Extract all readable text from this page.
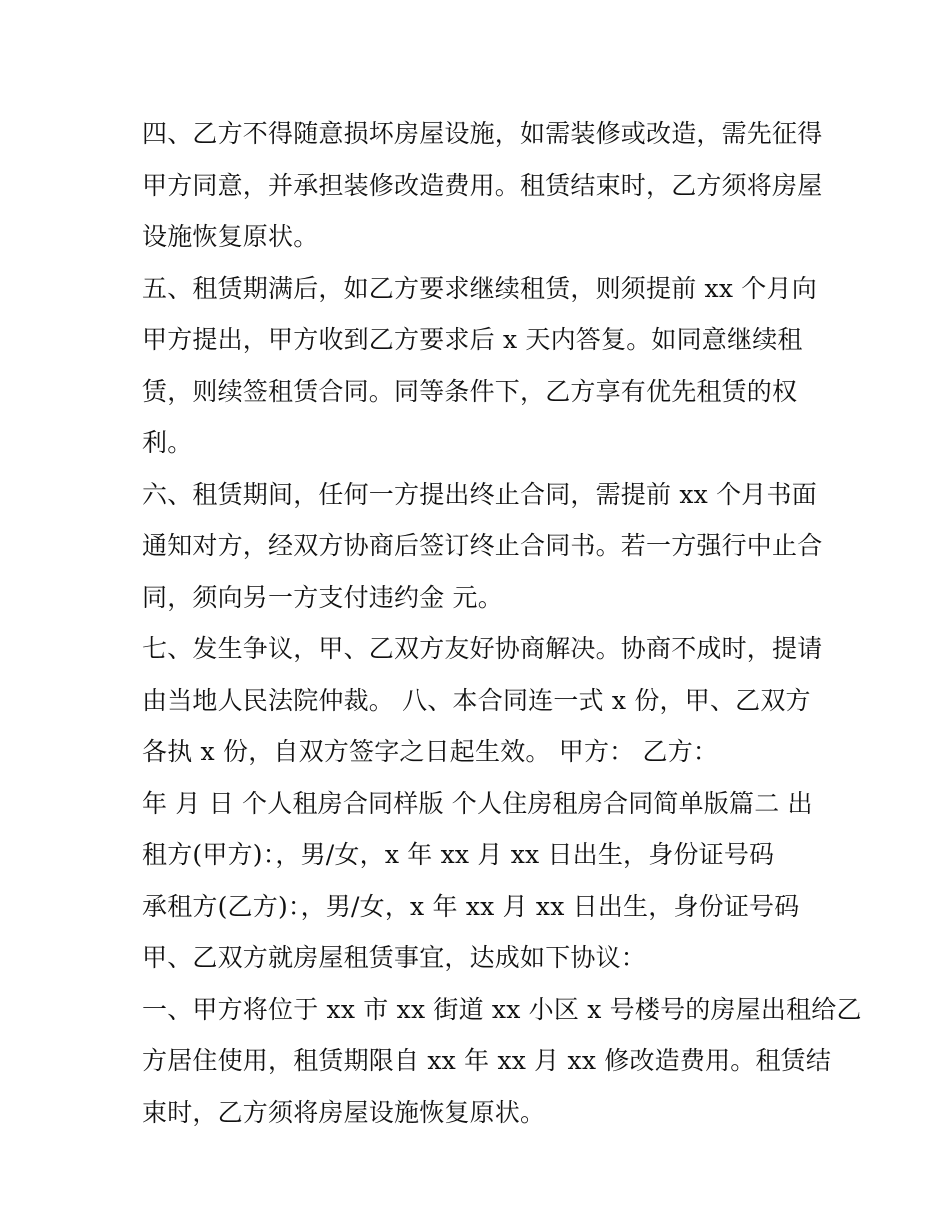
四、乙方不得随意损坏房屋设施，如需装修或改造，需先征得
甲方同意，并承担装修改造费用。租赁结束时，乙方须将房屋
设施恢复原状。
五、租赁期满后，如乙方要求继续租赁，则须提前 xx 个月向
甲方提出，甲方收到乙方要求后 x 天内答复。如同意继续租
赁，则续签租赁合同。同等条件下，乙方享有优先租赁的权
利。
六、租赁期间，任何一方提出终止合同，需提前 xx 个月书面
通知对方，经双方协商后签订终止合同书。若一方强行中止合
同，须向另一方支付违约金 元。
七、发生争议，甲、乙双方友好协商解决。协商不成时，提请
由当地人民法院仲裁。 八、本合同连一式 x 份，甲、乙双方
各执 x 份，自双方签字之日起生效。 甲方： 乙方：
年 月 日 个人租房合同样版 个人住房租房合同简单版篇二 出
租方(甲方)：，男/女，x 年 xx 月 xx 日出生，身份证号码
承租方(乙方)：，男/女，x 年 xx 月 xx 日出生，身份证号码
甲、乙双方就房屋租赁事宜，达成如下协议：
一、甲方将位于 xx 市 xx 街道 xx 小区 x 号楼号的房屋出租给乙
方居住使用，租赁期限自 xx 年 xx 月 xx 修改造费用。租赁结
束时，乙方须将房屋设施恢复原状。
